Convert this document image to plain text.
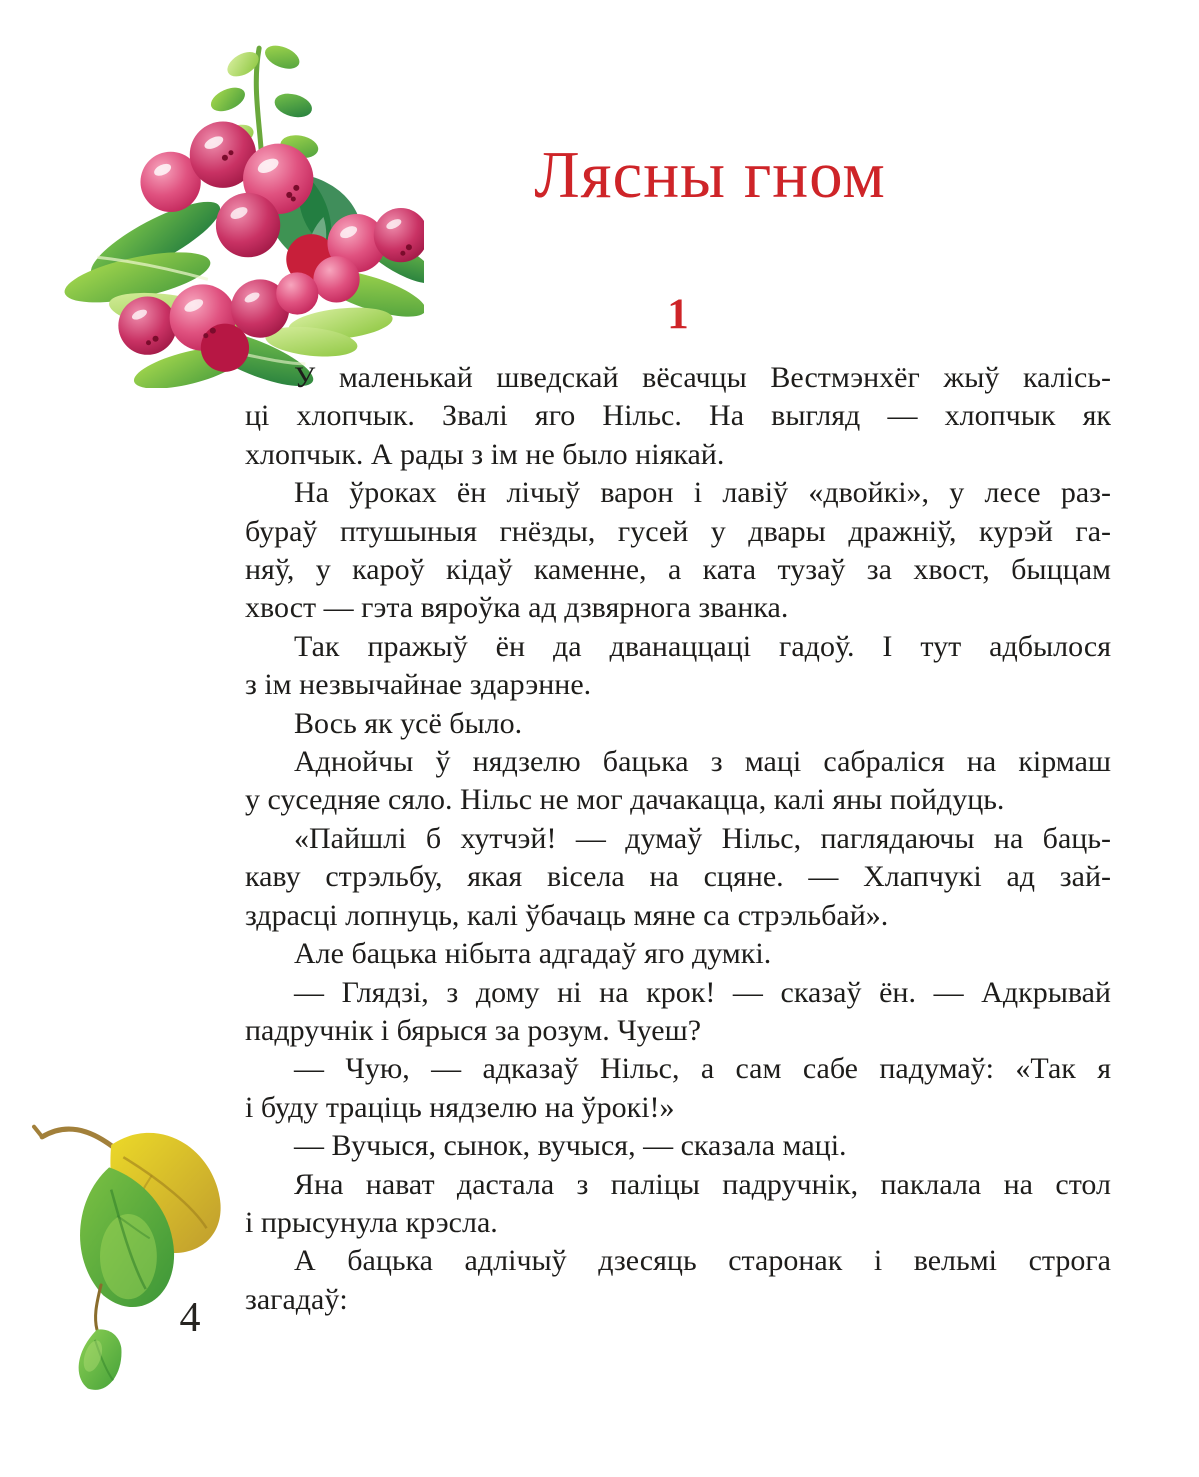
Лясны гном
1

У маленькай шведскай вёсачцы Вестмэнхёг жыў калісь-
ці хлопчык. Звалі яго Нільс. На выгляд — хлопчык як
хлопчык. А рады з ім не было ніякай.

На ўроках ён лічыў варон і лавіў «двойкі», у лесе раз-
бураў птушыныя гнёзды, гусей у двары дражніў, курэй га-
няў, у кароў кідаў каменне, а ката тузаў за хвост, быццам
хвост — гэта вяроўка ад дзвярнога званка.

Так пражыў ён да дванаццаці гадоў. І тут адбылося
з ім незвычайнае здарэнне.

Вось як усё было.

Аднойчы ў нядзелю бацька з маці сабраліся на кірмаш
у суседняе сяло. Нільс не мог дачакацца, калі яны пойдуць.

«Пайшлі б хутчэй! — думаў Нільс, паглядаючы на баць-
каву стрэльбу, якая вісела на сцяне. — Хлапчукі ад зай-
здрасці лопнуць, калі ўбачаць мяне са стрэльбай».

Але бацька нібыта адгадаў яго думкі.

— Глядзі, з дому ні на крок! — сказаў ён. — Адкрывай
падручнік і бярыся за розум. Чуеш?

— Чую, — адказаў Нільс, а сам сабе падумаў: «Так я
і буду траціць нядзелю на ўрокі!»

— Вучыся, сынок, вучыся, — сказала маці.

Яна нават дастала з паліцы падручнік, паклала на стол
і прысунула крэсла.

А бацька адлічыў дзесяць старонак і вельмі строга
загадаў:

4
